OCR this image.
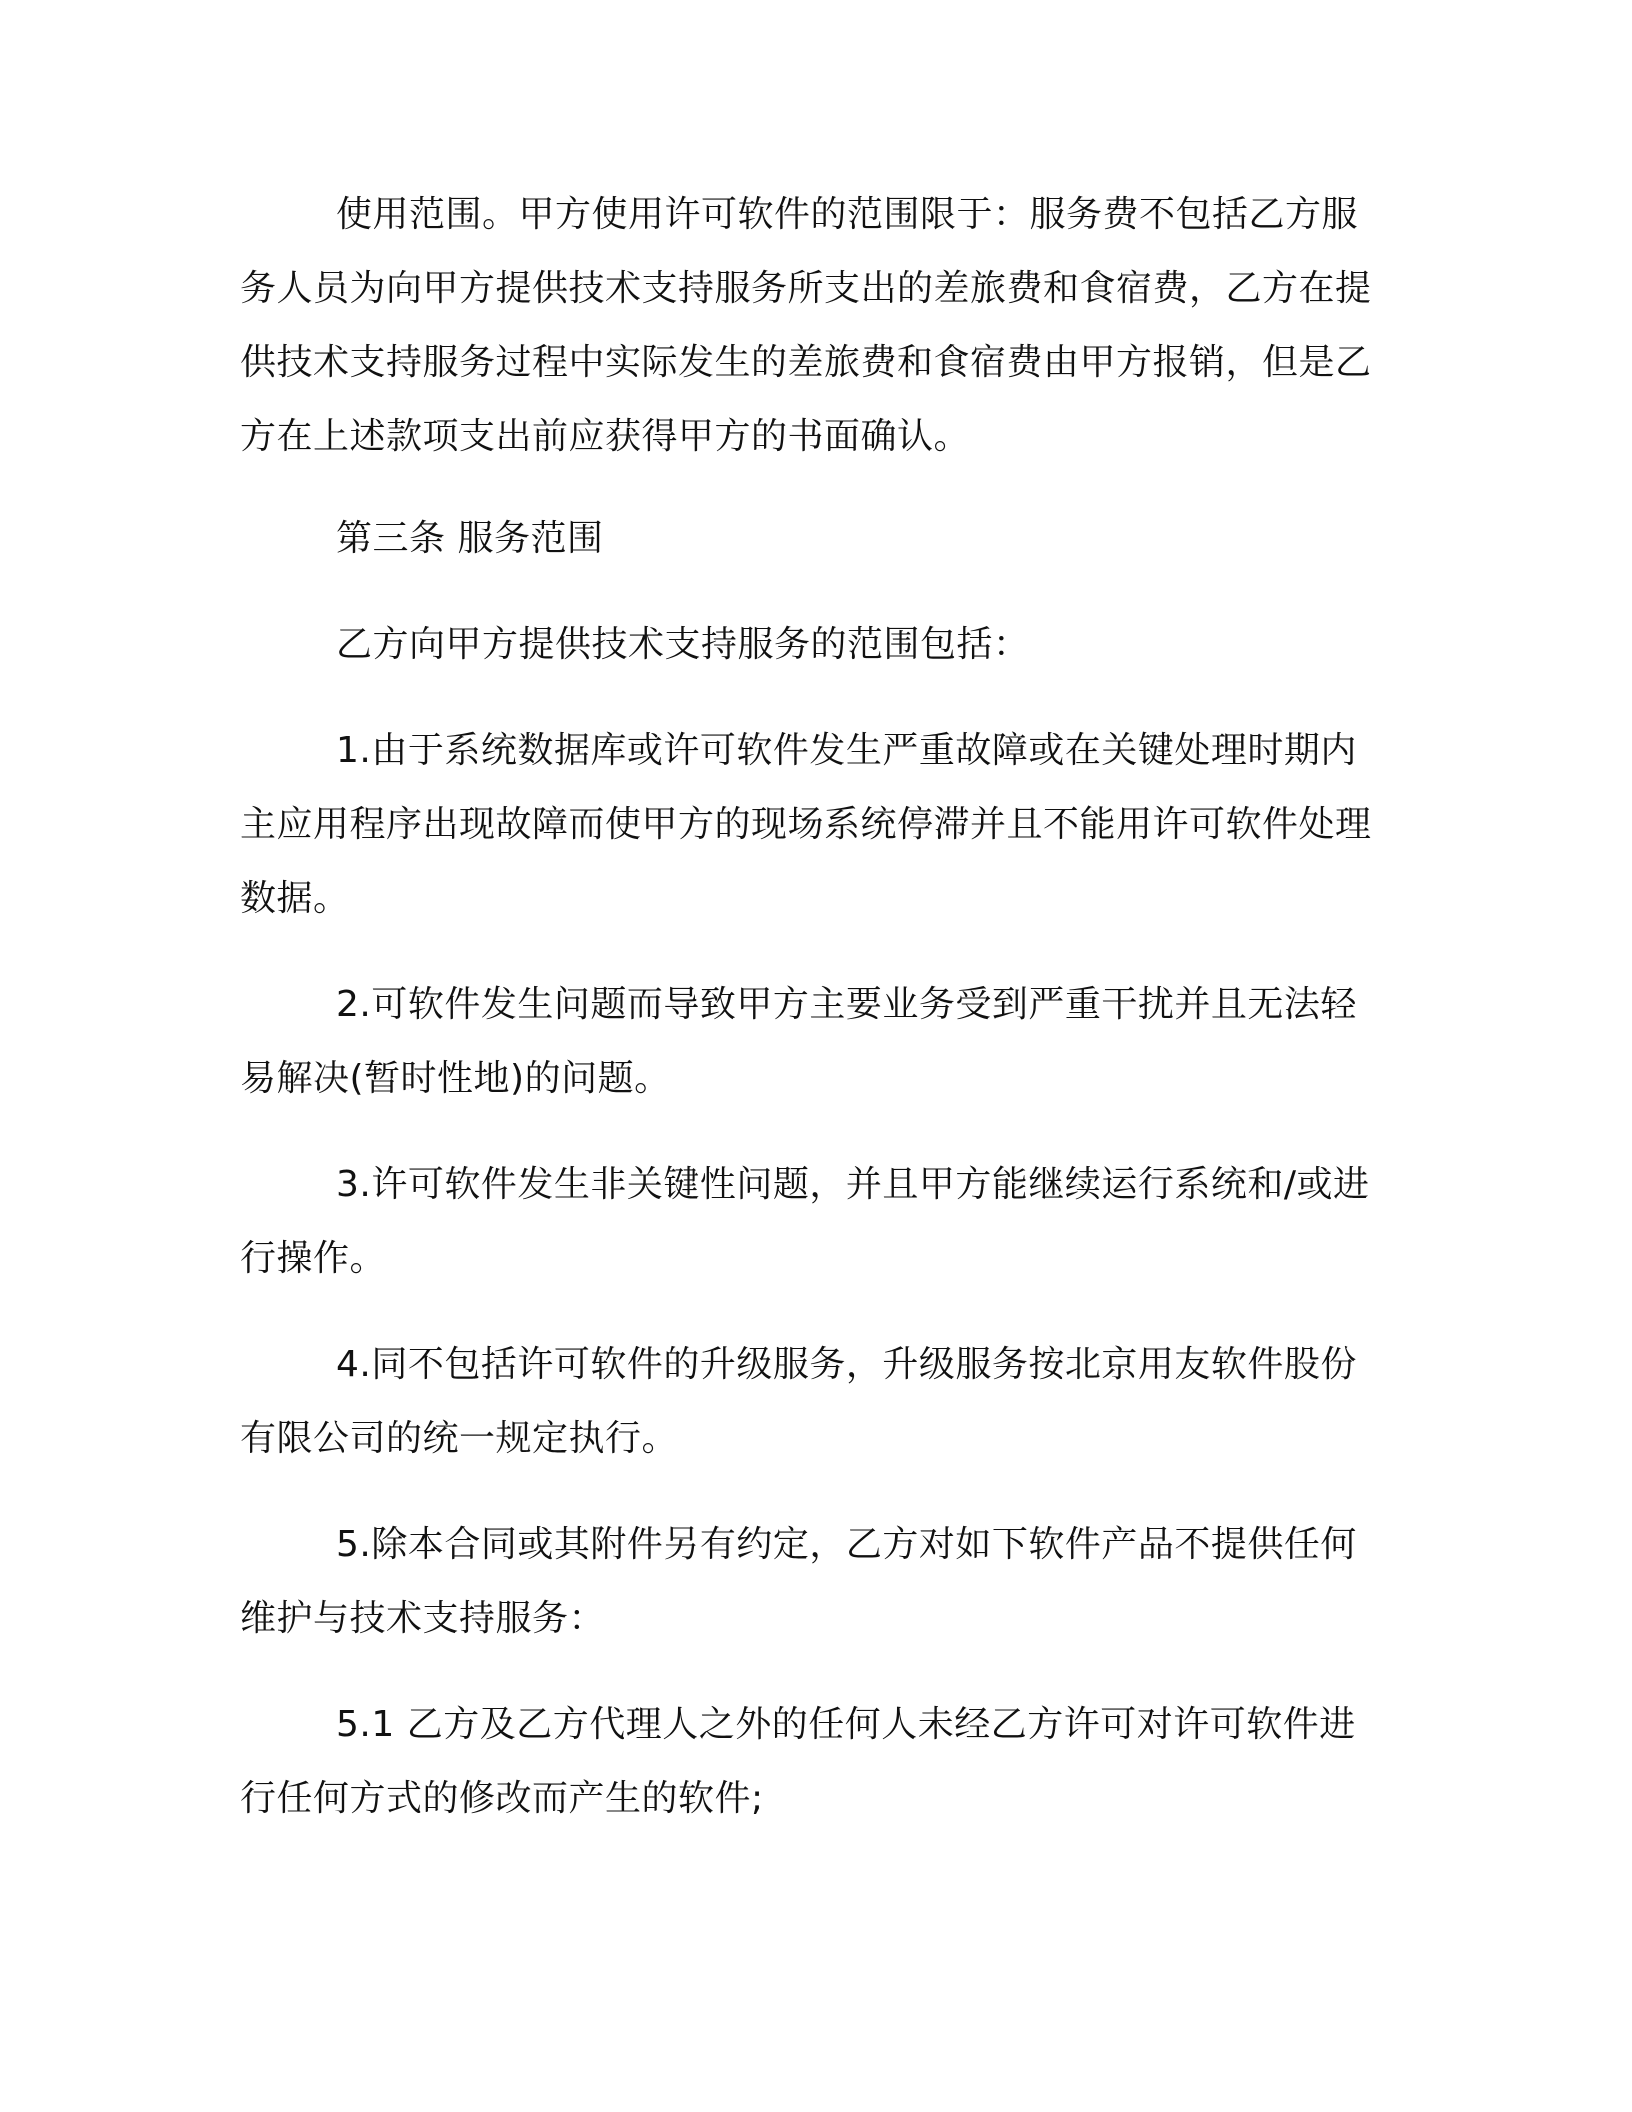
使用范围。甲方使用许可软件的范围限于：服务费不包括乙方服务人员为向甲方提供技术支持服务所支出的差旅费和食宿费，乙方在提供技术支持服务过程中实际发生的差旅费和食宿费由甲方报销，但是乙方在上述款项支出前应获得甲方的书面确认。

第三条 服务范围

乙方向甲方提供技术支持服务的范围包括：

1.由于系统数据库或许可软件发生严重故障或在关键处理时期内主应用程序出现故障而使甲方的现场系统停滞并且不能用许可软件处理数据。

2.可软件发生问题而导致甲方主要业务受到严重干扰并且无法轻易解决(暂时性地)的问题。

3.许可软件发生非关键性问题，并且甲方能继续运行系统和/或进行操作。

4.同不包括许可软件的升级服务，升级服务按北京用友软件股份有限公司的统一规定执行。

5.除本合同或其附件另有约定，乙方对如下软件产品不提供任何维护与技术支持服务：

5.1 乙方及乙方代理人之外的任何人未经乙方许可对许可软件进行任何方式的修改而产生的软件;
